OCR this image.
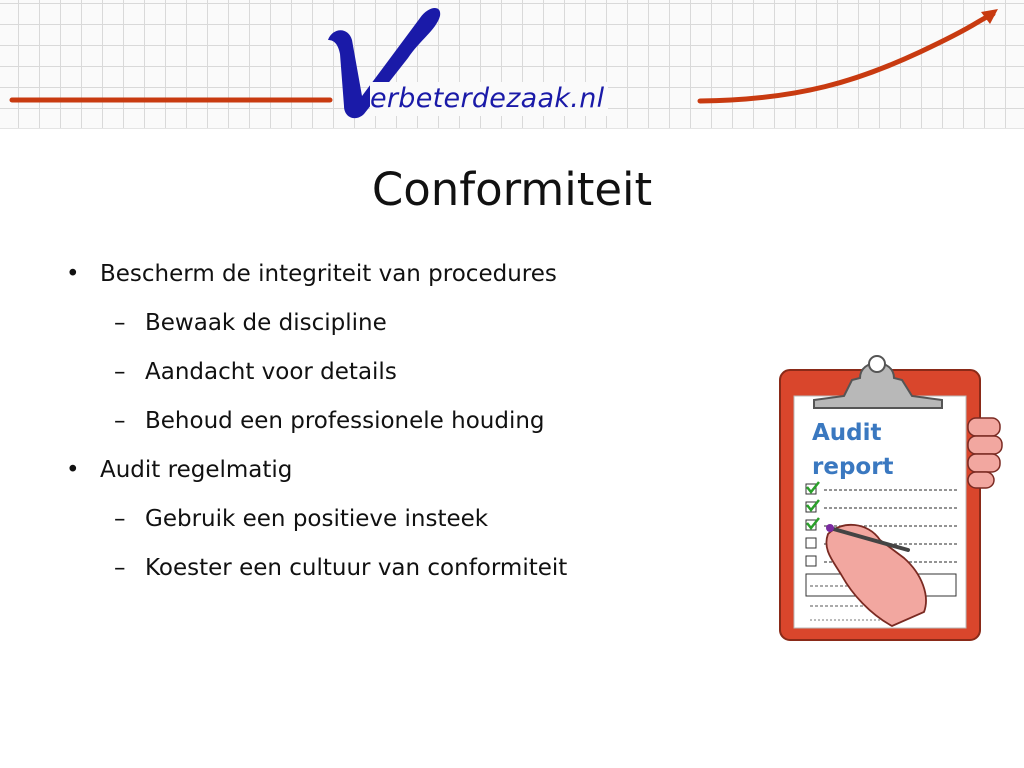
erbeterdezaak.nl
Conformiteit
• Bescherm de integriteit van procedures
– Bewaak de discipline
– Aandacht voor details
– Behoud een professionele houding
• Audit regelmatig
– Gebruik een positieve insteek
– Koester een cultuur van conformiteit
Audit
report
